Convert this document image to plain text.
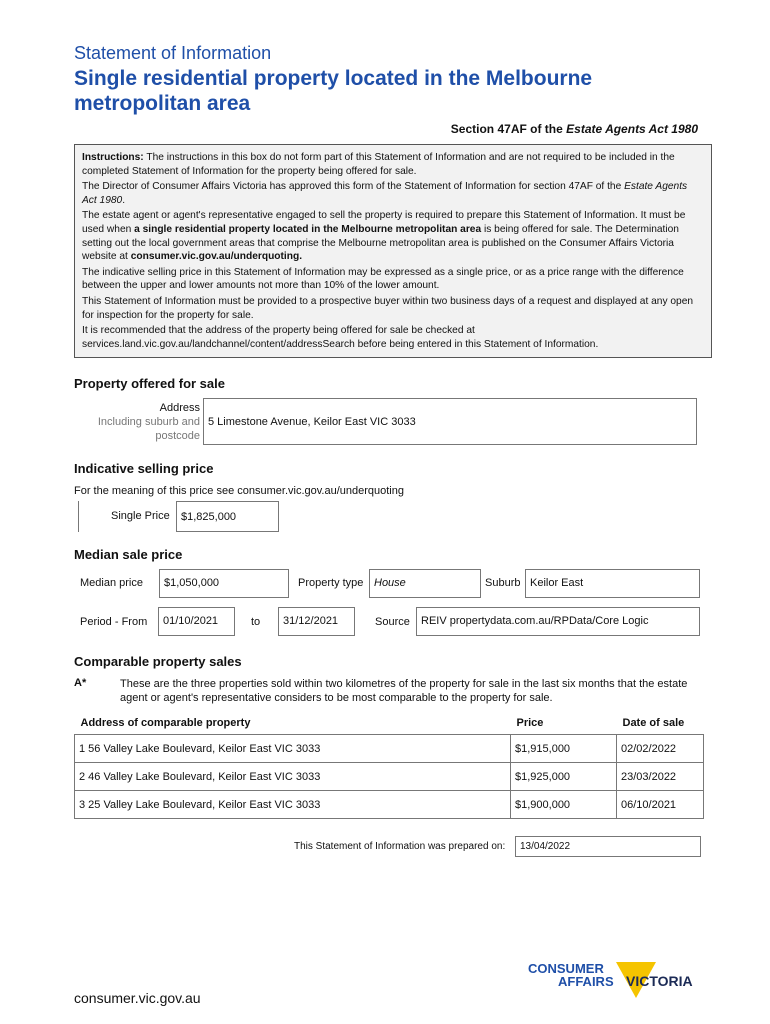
Statement of Information
Single residential property located in the Melbourne metropolitan area
Section 47AF of the Estate Agents Act 1980

Instructions: The instructions in this box do not form part of this Statement of Information and are not required to be included in the completed Statement of Information for the property being offered for sale.

The Director of Consumer Affairs Victoria has approved this form of the Statement of Information for section 47AF of the Estate Agents Act 1980.

The estate agent or agent's representative engaged to sell the property is required to prepare this Statement of Information. It must be used when a single residential property located in the Melbourne metropolitan area is being offered for sale. The Determination setting out the local government areas that comprise the Melbourne metropolitan area is published on the Consumer Affairs Victoria website at consumer.vic.gov.au/underquoting.

The indicative selling price in this Statement of Information may be expressed as a single price, or as a price range with the difference between the upper and lower amounts not more than 10% of the lower amount.

This Statement of Information must be provided to a prospective buyer within two business days of a request and displayed at any open for inspection for the property for sale.

It is recommended that the address of the property being offered for sale be checked at services.land.vic.gov.au/landchannel/content/addressSearch before being entered in this Statement of Information.

Property offered for sale
Address
Including suburb and
postcode
5 Limestone Avenue, Keilor East VIC 3033
Indicative selling price
For the meaning of this price see consumer.vic.gov.au/underquoting
Single Price	$1,825,000
Median sale price
Median price	$1,050,000	Property type House	Suburb Keilor East
Period - From	01/10/2021	to	31/12/2021	Source	REIV propertydata.com.au/RPData/Core Logic
Comparable property sales
A*	These are the three properties sold within two kilometres of the property for sale in the last six months that the estate agent or agent's representative considers to be most comparable to the property for sale.
Address of comparable property	Price	Date of sale
1 56 Valley Lake Boulevard, Keilor East VIC 3033	$1,915,000	02/02/2022
2 46 Valley Lake Boulevard, Keilor East VIC 3033	$1,925,000	23/03/2022
3 25 Valley Lake Boulevard, Keilor East VIC 3033	$1,900,000	06/10/2021
This Statement of Information was prepared on:	13/04/2022
CONSUMER
AFFAIRS VICTORIA
consumer.vic.gov.au
